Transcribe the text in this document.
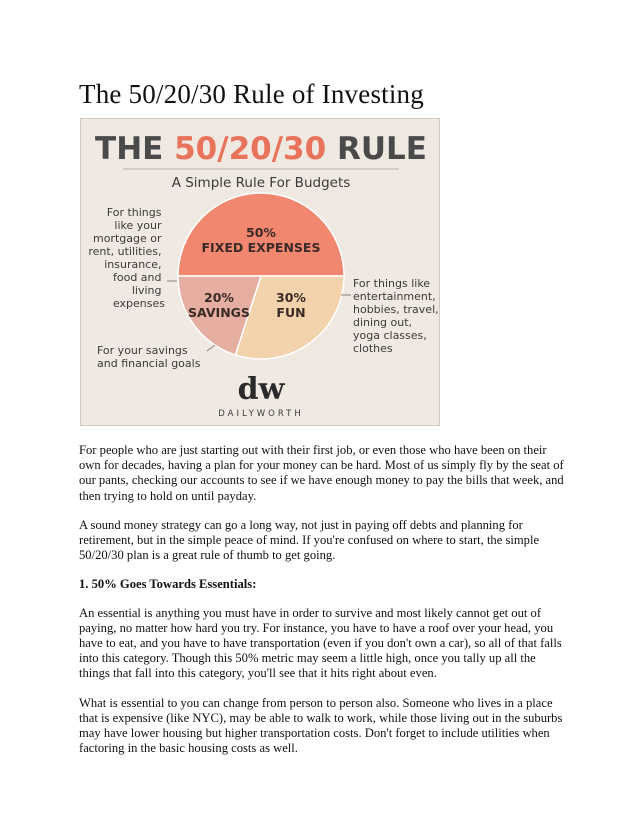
The 50/20/30 Rule of Investing
THE 50/20/30 RULE
A Simple Rule For Budgets
50%
FIXED EXPENSES
30%
FUN
20%
SAVINGS
For things like your mortgage or rent, utilities, insurance, food and living expenses
For your savings and financial goals
For things like entertainment, hobbies, travel, dining out, yoga classes, clothes
dw
DAILYWORTH

For people who are just starting out with their first job, or even those who have been on their own for decades, having a plan for your money can be hard. Most of us simply fly by the seat of our pants, checking our accounts to see if we have enough money to pay the bills that week, and then trying to hold on until payday.

A sound money strategy can go a long way, not just in paying off debts and planning for retirement, but in the simple peace of mind. If you're confused on where to start, the simple 50/20/30 plan is a great rule of thumb to get going.

1. 50% Goes Towards Essentials:

An essential is anything you must have in order to survive and most likely cannot get out of paying, no matter how hard you try. For instance, you have to have a roof over your head, you have to eat, and you have to have transportation (even if you don't own a car), so all of that falls into this category. Though this 50% metric may seem a little high, once you tally up all the things that fall into this category, you'll see that it hits right about even.

What is essential to you can change from person to person also. Someone who lives in a place that is expensive (like NYC), may be able to walk to work, while those living out in the suburbs may have lower housing but higher transportation costs. Don't forget to include utilities when factoring in the basic housing costs as well.
